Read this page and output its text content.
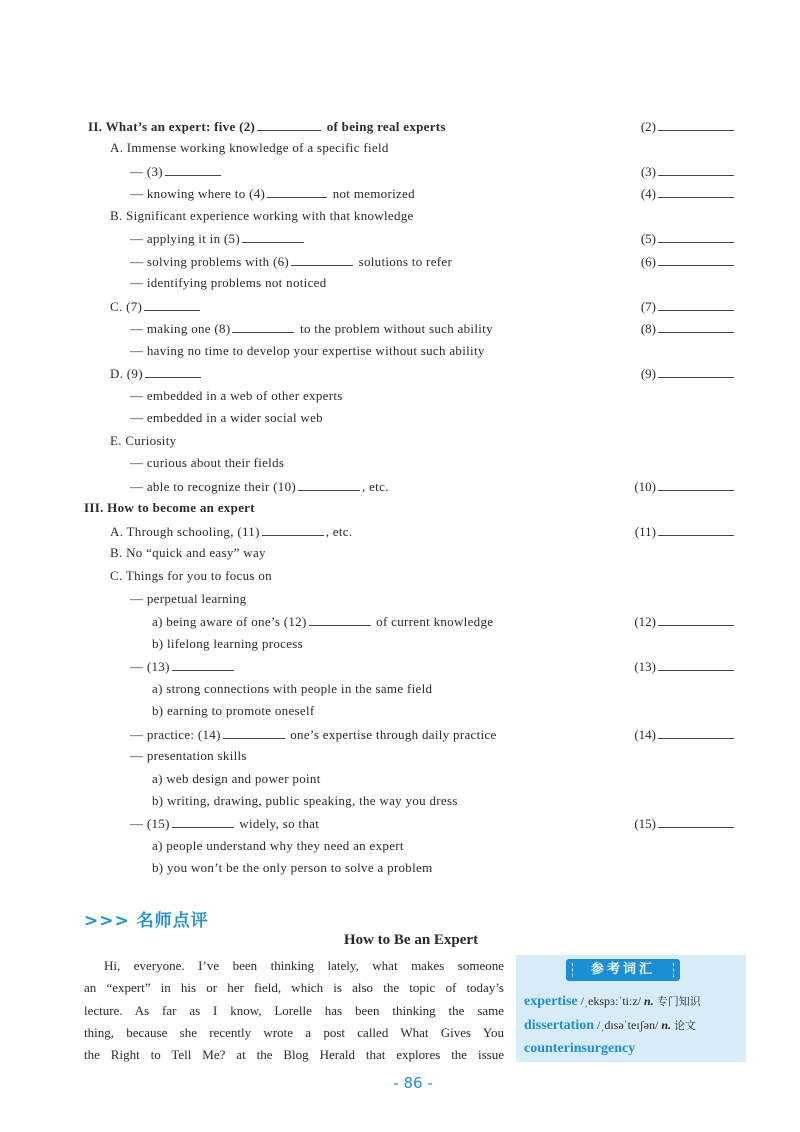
II. What’s an expert: five (2)	of being real experts	(2)
A. Immense working knowledge of a specific field
— (3)	(3)
— knowing where to (4)	not memorized	(4)
B. Significant experience working with that knowledge
— applying it in (5)	(5)
— solving problems with (6)	solutions to refer	(6)
— identifying problems not noticed
C. (7)	(7)
— making one (8)	to the problem without such ability	(8)
— having no time to develop your expertise without such ability
D. (9)	(9)
— embedded in a web of other experts
— embedded in a wider social web
E. Curiosity
— curious about their fields
— able to recognize their (10)	, etc.	(10)
III. How to become an expert
A. Through schooling, (11)	, etc.	(11)
B. No “quick and easy” way
C. Things for you to focus on
— perpetual learning
a) being aware of one’s (12)	of current knowledge	(12)
b) lifelong learning process
— (13)	(13)
a) strong connections with people in the same field
b) earning to promote oneself
— practice: (14)	one’s expertise through daily practice	(14)
— presentation skills
a) web design and power point
b) writing, drawing, public speaking, the way you dress
— (15)	widely, so that	(15)
a) people understand why they need an expert
b) you won’t be the only person to solve a problem
>>> 名师点评
How to Be an Expert
Hi, everyone. I’ve been thinking lately, what makes someone
an “expert” in his or her field, which is also the topic of today’s
lecture. As far as I know, Lorelle has been thinking the same
thing, because she recently wrote a post called What Gives You
the Right to Tell Me? at the Blog Herald that explores the issue
参考词汇
expertise /ˌekspɜːˈtiːz/ n. 专门知识
dissertation /ˌdɪsəˈteɪʃən/ n. 论文
counterinsurgency
- 86 -
